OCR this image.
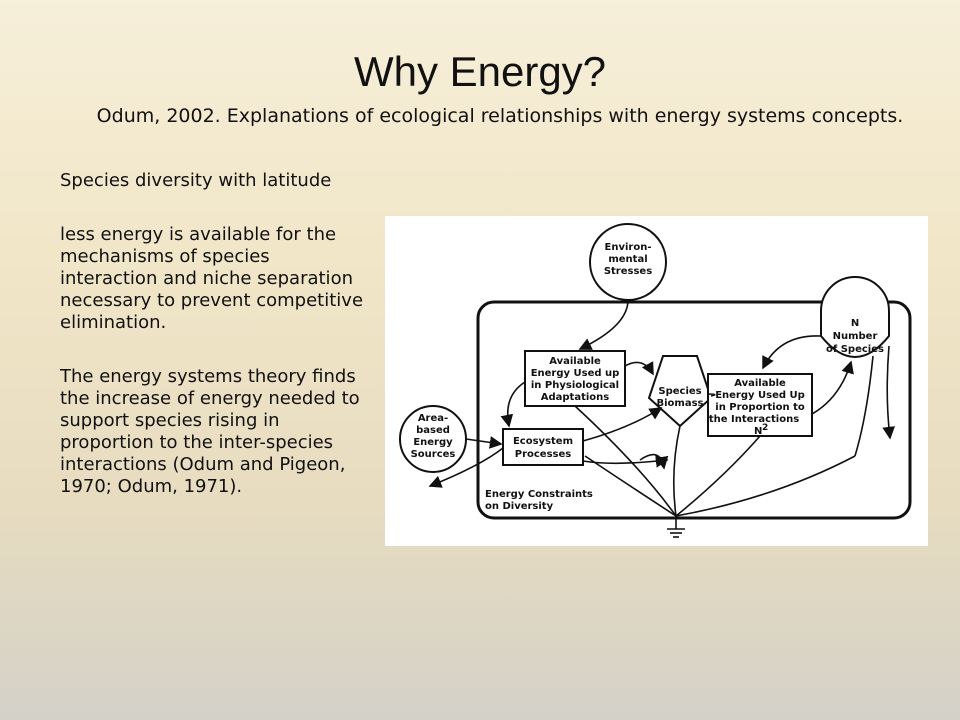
Why Energy?
Odum, 2002. Explanations of ecological relationships with energy systems concepts.

Species diversity with latitude

less energy is available for the mechanisms of species interaction and niche separation necessary to prevent competitive elimination.

The energy systems theory finds the increase of energy needed to support species rising in proportion to the inter-species interactions (Odum and Pigeon, 1970; Odum, 1971).

Environ-
mental
Stresses
N
Number
of Species
Available
Energy Used up
in Physiological
Adaptations
Species
Biomass
Available
Energy Used Up
in Proportion to
the Interactions
N 2
Area-
based
Energy
Sources
Ecosystem
Processes
Energy Constraints
on Diversity
